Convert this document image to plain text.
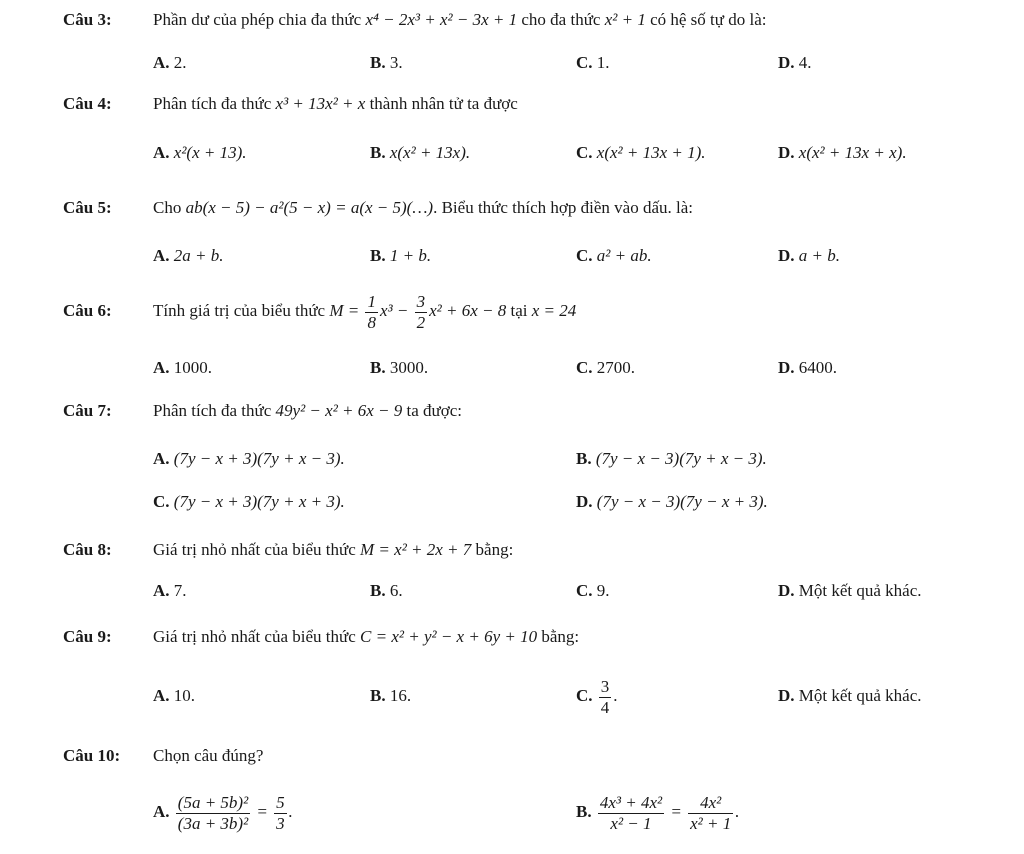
Câu 3: Phần dư của phép chia đa thức x⁴ − 2x³ + x² − 3x + 1 cho đa thức x² + 1 có hệ số tự do là:
A. 2.	B. 3.	C. 1.	D. 4.
Câu 4: Phân tích đa thức x³ + 13x² + x thành nhân tử ta được
A. x²(x + 13).	B. x(x² + 13x).	C. x(x² + 13x + 1).	D. x(x² + 13x + x).
Câu 5: Cho ab(x − 5) − a²(5 − x) = a(x − 5)(…). Biểu thức thích hợp điền vào dấu. là:
A. 2a + b.	B. 1 + b.	C. a² + ab.	D. a + b.
Câu 6: Tính giá trị của biểu thức $M = \frac{1}{8} x^3 - \frac{3}{2} x^2 + 6x - 8$ tại x = 24
A. 1000.	B. 3000.	C. 2700.	D. 6400.
Câu 7: Phân tích đa thức 49y² − x² + 6x − 9 ta được:
A. (7y − x + 3)(7y + x − 3).	B. (7y − x − 3)(7y + x − 3).
C. (7y − x + 3)(7y + x + 3).	D. (7y − x − 3)(7y − x + 3).
Câu 8: Giá trị nhỏ nhất của biểu thức M = x² + 2x + 7 bằng:
A. 7.	B. 6.	C. 9.	D. Một kết quả khác.
Câu 9: Giá trị nhỏ nhất của biểu thức C = x² + y² − x + 6y + 10 bằng:
A. 10.	B. 16.	C. $\frac{3}{4}$ .	D. Một kết quả khác.
Câu 10: Chọn câu đúng?
A. $\frac{\text{(5a + 5b)²}}{\text{(3a + 3b)²}} = \frac{5}{3}$ .	B. $\frac{\text{4x³ + 4x²}}{\text{x² − 1}} = \frac{\text{4x²}}{\text{x² + 1}}$ .
